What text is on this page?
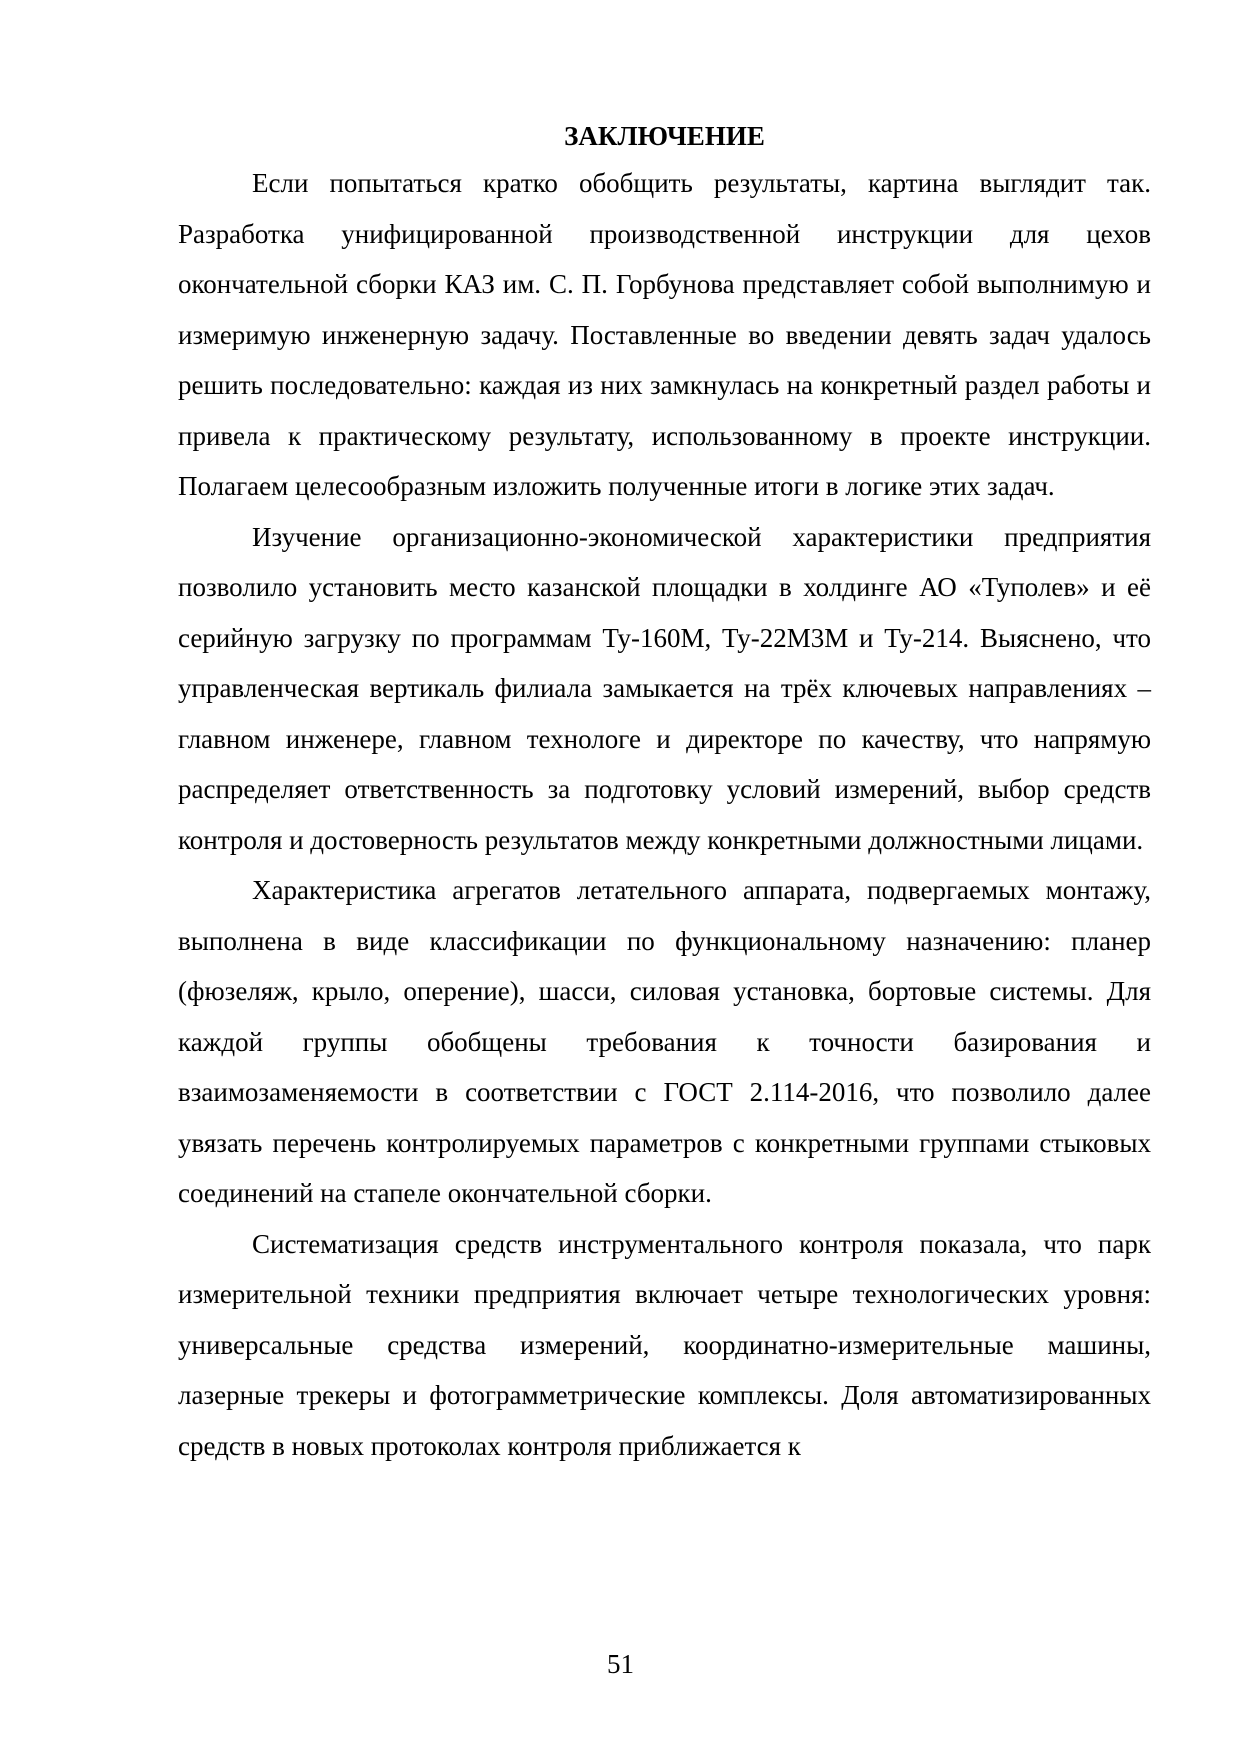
ЗАКЛЮЧЕНИЕ

Если попытаться кратко обобщить результаты, картина выглядит так. Разработка унифицированной производственной инструкции для цехов окончательной сборки КАЗ им. С. П. Горбунова представляет собой выполнимую и измеримую инженерную задачу. Поставленные во введении девять задач удалось решить последовательно: каждая из них замкнулась на конкретный раздел работы и привела к практическому результату, использованному в проекте инструкции. Полагаем целесообразным изложить полученные итоги в логике этих задач.

Изучение организационно-экономической характеристики предприятия позволило установить место казанской площадки в холдинге АО «Туполев» и её серийную загрузку по программам Ту-160М, Ту-22М3М и Ту-214. Выяснено, что управленческая вертикаль филиала замыкается на трёх ключевых направлениях – главном инженере, главном технологе и директоре по качеству, что напрямую распределяет ответственность за подготовку условий измерений, выбор средств контроля и достоверность результатов между конкретными должностными лицами.

Характеристика агрегатов летательного аппарата, подвергаемых монтажу, выполнена в виде классификации по функциональному назначению: планер (фюзеляж, крыло, оперение), шасси, силовая установка, бортовые системы. Для каждой группы обобщены требования к точности базирования и взаимозаменяемости в соответствии с ГОСТ 2.114-2016, что позволило далее увязать перечень контролируемых параметров с конкретными группами стыковых соединений на стапеле окончательной сборки.

Систематизация средств инструментального контроля показала, что парк измерительной техники предприятия включает четыре технологических уровня: универсальные средства измерений, координатно-измерительные машины, лазерные трекеры и фотограмметрические комплексы. Доля автоматизированных средств в новых протоколах контроля приближается к

51
